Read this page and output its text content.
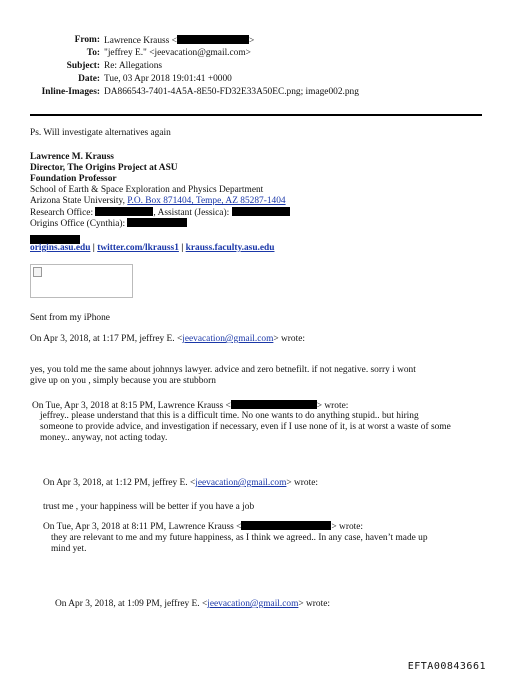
From: Lawrence Krauss <	>
To: "jeffrey E." <jeevacation@gmail.com>
Subject: Re: Allegations
Date: Tue, 03 Apr 2018 19:01:41 +0000
Inline-Images: DA866543-7401-4A5A-8E50-FD32E33A50EC.png; image002.png
Ps. Will investigate alternatives again
Lawrence M. Krauss
Director, The Origins Project at ASU
Foundation Professor
School of Earth & Space Exploration and Physics Department
Arizona State University, P.O. Box 871404, Tempe, AZ 85287-1404
Research Office:	, Assistant (Jessica):
Origins Office (Cynthia):
origins.asu.edu | twitter.com/lkrauss1 | krauss.faculty.asu.edu
Sent from my iPhone
On Apr 3, 2018, at 1:17 PM, jeffrey E. <jeevacation@gmail.com> wrote:
yes, you told me the same about johnnys lawyer. advice and zero betnefilt. if not negative. sorry i wont
give up on you , simply because you are stubborn
On Tue, Apr 3, 2018 at 8:15 PM, Lawrence Krauss <	> wrote:
jeffrey.. please understand that this is a difficult time. No one wants to do anything stupid.. but hiring
someone to provide advice, and investigation if necessary, even if I use none of it, is at worst a waste of some
money.. anyway, not acting today.
On Apr 3, 2018, at 1:12 PM, jeffrey E. <jeevacation@gmail.com> wrote:
trust me , your happiness will be better if you have a job
On Tue, Apr 3, 2018 at 8:11 PM, Lawrence Krauss <	> wrote:
they are relevant to me and my future happiness, as I think we agreed.. In any case, haven’t made up
mind yet.
On Apr 3, 2018, at 1:09 PM, jeffrey E. <jeevacation@gmail.com> wrote:
EFTA00843661
